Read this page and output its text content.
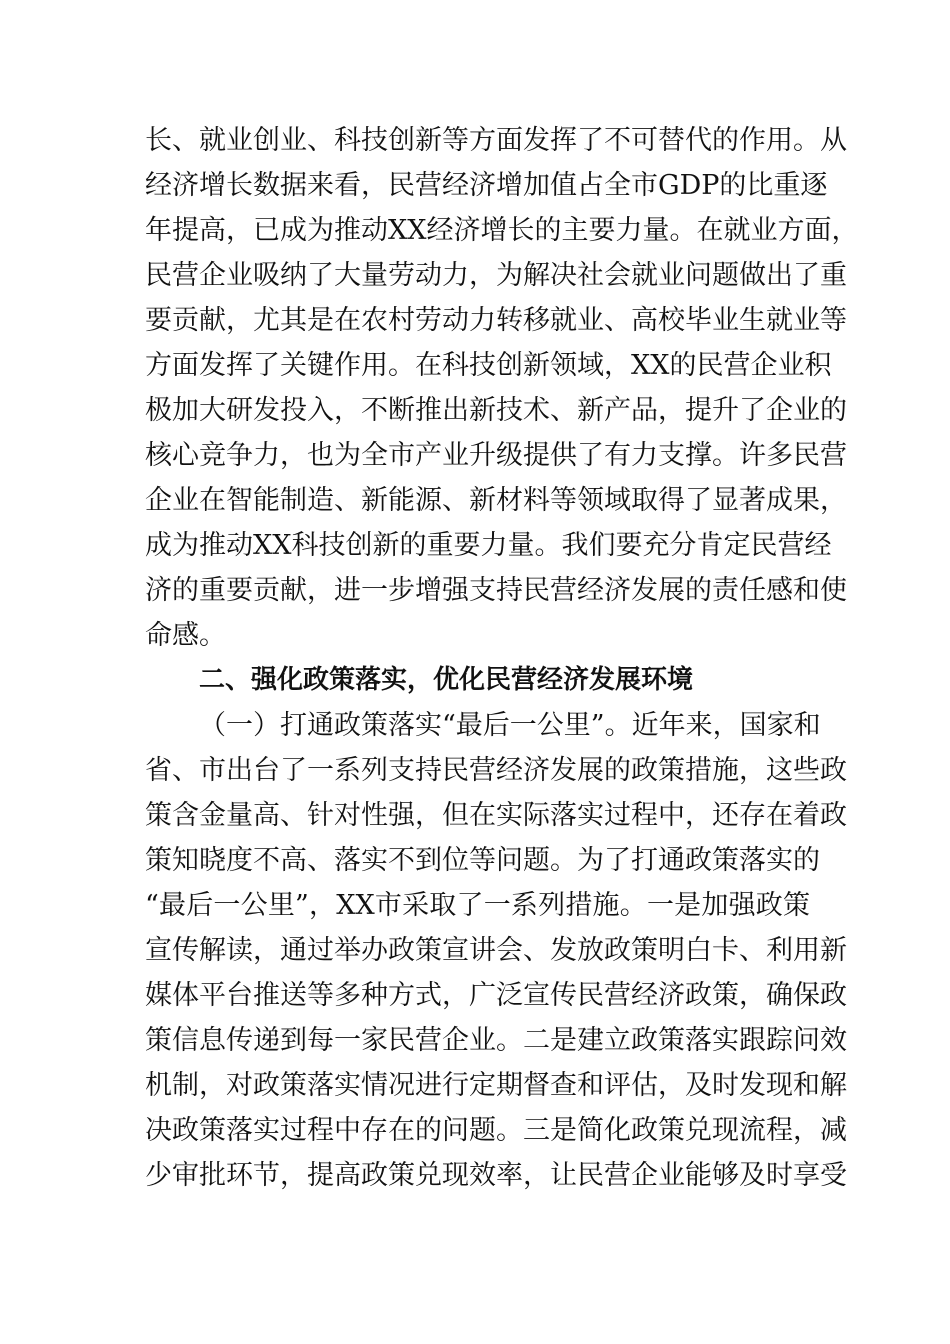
长、就业创业、科技创新等方面发挥了不可替代的作用。从
经济增长数据来看，民营经济增加值占全市GDP的比重逐
年提高，已成为推动XX经济增长的主要力量。在就业方面，
民营企业吸纳了大量劳动力，为解决社会就业问题做出了重
要贡献，尤其是在农村劳动力转移就业、高校毕业生就业等
方面发挥了关键作用。在科技创新领域，XX的民营企业积
极加大研发投入，不断推出新技术、新产品，提升了企业的
核心竞争力，也为全市产业升级提供了有力支撑。许多民营
企业在智能制造、新能源、新材料等领域取得了显著成果，
成为推动XX科技创新的重要力量。我们要充分肯定民营经
济的重要贡献，进一步增强支持民营经济发展的责任感和使
命感。
二、强化政策落实，优化民营经济发展环境
（一）打通政策落实“最后一公里”。近年来，国家和
省、市出台了一系列支持民营经济发展的政策措施，这些政
策含金量高、针对性强，但在实际落实过程中，还存在着政
策知晓度不高、落实不到位等问题。为了打通政策落实的
“最后一公里”，XX市采取了一系列措施。一是加强政策
宣传解读，通过举办政策宣讲会、发放政策明白卡、利用新
媒体平台推送等多种方式，广泛宣传民营经济政策，确保政
策信息传递到每一家民营企业。二是建立政策落实跟踪问效
机制，对政策落实情况进行定期督查和评估，及时发现和解
决政策落实过程中存在的问题。三是简化政策兑现流程，减
少审批环节，提高政策兑现效率，让民营企业能够及时享受
